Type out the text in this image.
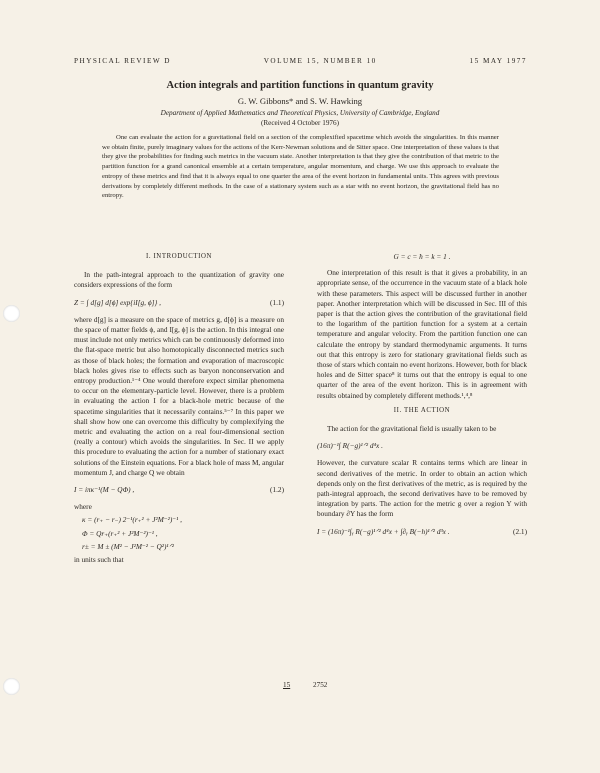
PHYSICAL REVIEW D	VOLUME 15, NUMBER 10	15 MAY 1977
Action integrals and partition functions in quantum gravity
G. W. Gibbons* and S. W. Hawking
Department of Applied Mathematics and Theoretical Physics, University of Cambridge, England
(Received 4 October 1976)

One can evaluate the action for a gravitational field on a section of the complexified spacetime which avoids the singularities. In this manner we obtain finite, purely imaginary values for the actions of the Kerr-Newman solutions and de Sitter space. One interpretation of these values is that they give the probabilities for finding such metrics in the vacuum state. Another interpretation is that they give the contribution of that metric to the partition function for a grand canonical ensemble at a certain temperature, angular momentum, and charge. We use this approach to evaluate the entropy of these metrics and find that it is always equal to one quarter the area of the event horizon in fundamental units. This agrees with previous derivations by completely different methods. In the case of a stationary system such as a star with no event horizon, the gravitational field has no entropy.

I. INTRODUCTION

In the path-integral approach to the quantization of gravity one considers expressions of the form

Z = ∫ d[g] d[ϕ] exp{iI[g, ϕ]} ,	(1.1)

where d[g] is a measure on the space of metrics g, d[ϕ] is a measure on the space of matter fields ϕ, and I[g, ϕ] is the action. In this integral one must include not only metrics which can be continuously deformed into the flat-space metric but also homotopically disconnected metrics such as those of black holes; the formation and evaporation of macroscopic black holes gives rise to effects such as baryon nonconservation and entropy production.¹⁻⁴ One would therefore expect similar phenomena to occur on the elementary-particle level. However, there is a problem in evaluating the action I for a black-hole metric because of the spacetime singularities that it necessarily contains.⁵⁻⁷ In this paper we shall show how one can overcome this difficulty by complexifying the metric and evaluating the action on a real four-dimensional section (really a contour) which avoids the singularities. In Sec. II we apply this procedure to evaluating the action for a number of stationary exact solutions of the Einstein equations. For a black hole of mass M, angular momentum J, and charge Q we obtain

I = iπκ⁻¹(M − QΦ) ,	(1.2)

where

κ = (r₊ − r₋) 2⁻¹(r₊² + J²M⁻²)⁻¹ ,
Φ = Qr₊(r₊² + J²M⁻²)⁻¹ ,
r± = M ± (M² − J²M⁻² − Q²)¹ᐟ²

in units such that

G = c = ħ = k = 1 .

One interpretation of this result is that it gives a probability, in an appropriate sense, of the occurrence in the vacuum state of a black hole with these parameters. This aspect will be discussed further in another paper. Another interpretation which will be discussed in Sec. III of this paper is that the action gives the contribution of the gravitational field to the logarithm of the partition function for a system at a certain temperature and angular velocity. From the partition function one can calculate the entropy by standard thermodynamic arguments. It turns out that this entropy is zero for stationary gravitational fields such as those of stars which contain no event horizons. However, both for black holes and de Sitter space⁸ it turns out that the entropy is equal to one quarter of the area of the event horizon. This is in agreement with results obtained by completely different methods.¹,⁴,⁸

II. THE ACTION

The action for the gravitational field is usually taken to be

(16π)⁻¹∫ R(−g)¹ᐟ² d⁴x .

However, the curvature scalar R contains terms which are linear in second derivatives of the metric. In order to obtain an action which depends only on the first derivatives of the metric, as is required by the path-integral approach, the second derivatives have to be removed by integration by parts. The action for the metric g over a region Y with boundary ∂Y has the form

I = (16π)⁻¹∫ᵧ R(−g)¹ᐟ² d⁴x + ∫∂ᵧ B(−h)¹ᐟ² d³x .	(2.1)
15	2752
